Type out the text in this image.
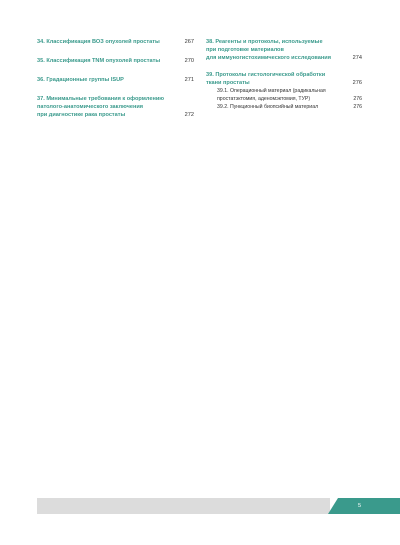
34. Классификация ВОЗ опухолей простаты	267
35. Классификация TNM опухолей простаты	270
36. Градационные группы ISUP	271
37. Минимальные требования к оформлению
патолого-анатомического заключения
при диагностике рака простаты	272
38. Реагенты и протоколы, используемые
при подготовке материалов
для иммуногистохимического исследования	274
39. Протоколы гистологической обработки
ткани простаты	276
39.1. Операционный материал (радикальная
простатэктомия, аденомэктомия, ТУР)	276
39.2. Пункционный биопсийный материал	276
5
